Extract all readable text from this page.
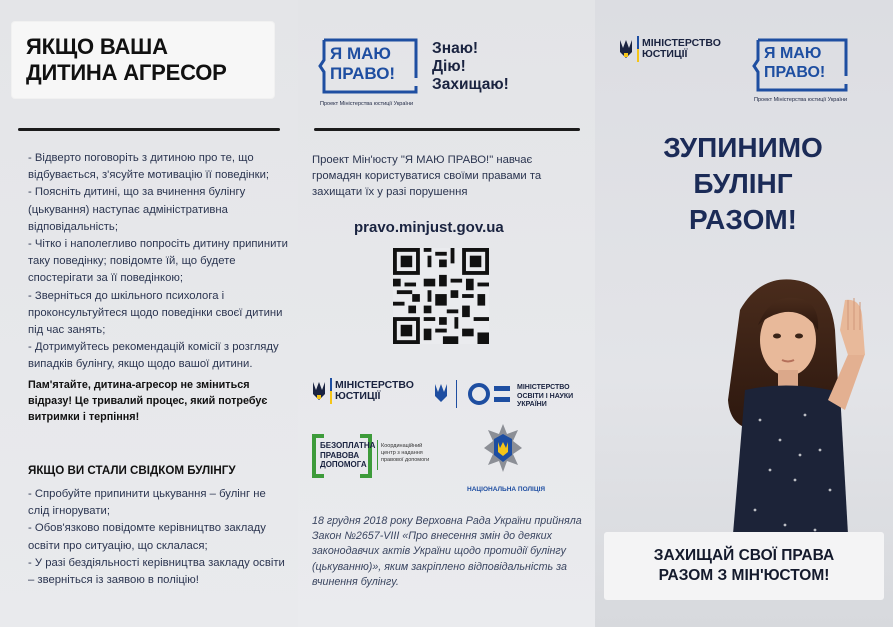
ЯКЩО ВАША
ДИТИНА АГРЕСОР

- Відверто поговоріть з дитиною про те, що відбувається, з'ясуйте мотивацію її поведінки;

- Поясніть дитині, що за вчинення булінгу (цькування) наступає адміністративна відповідальність;

- Чітко і наполегливо попросіть дитину припинити таку поведінку; повідомте їй, що будете спостерігати за її поведінкою;

- Зверніться до шкільного психолога і проконсультуйтеся щодо поведінки своєї дитини під час занять;

- Дотримуйтесь рекомендацій комісії з розгляду випадків булінгу, якщо щодо вашої дитини.

Пам'ятайте, дитина-агресор не зміниться відразу! Це тривалий процес, який потребує витримки і терпіння!

ЯКЩО ВИ СТАЛИ СВІДКОМ БУЛІНГУ

- Спробуйте припинити цькування – булінг не слід ігнорувати;

- Обов'язково повідомте керівництво закладу освіти про ситуацію, що склалася;

- У разі бездіяльності керівництва закладу освіти – зверніться із заявою в поліцію!

Я МАЮ
ПРАВО!
Проект Міністерства юстиції України
Знаю!
Дію!
Захищаю!
Проект Мін'юсту "Я МАЮ ПРАВО!" навчає громадян користуватися своїми правами та захищати їх у разі порушення
pravo.minjust.gov.ua
МІНІСТЕРСТВО
ЮСТИЦІЇ
МІНІСТЕРСТВО
ОСВІТИ І НАУКИ
УКРАЇНИ
БЕЗОПЛАТНА
ПРАВОВА
ДОПОМОГА
Координаційний
центр з надання
правової допомоги
НАЦІОНАЛЬНА ПОЛІЦІЯ
18 грудня 2018 року Верховна Рада України прийняла Закон №2657-VIII «Про внесення змін до деяких законодавчих актів України щодо протидії булінгу (цькуванню)», яким закріплено відповідальність за вчинення булінгу.
МІНІСТЕРСТВО
ЮСТИЦІЇ	Я МАЮ
ПРАВО!
Проект Міністерства юстиції України
ЗУПИНИМО
БУЛІНГ
РАЗОМ!
ЗАХИЩАЙ СВОЇ ПРАВА
РАЗОМ З МІН'ЮСТОМ!
